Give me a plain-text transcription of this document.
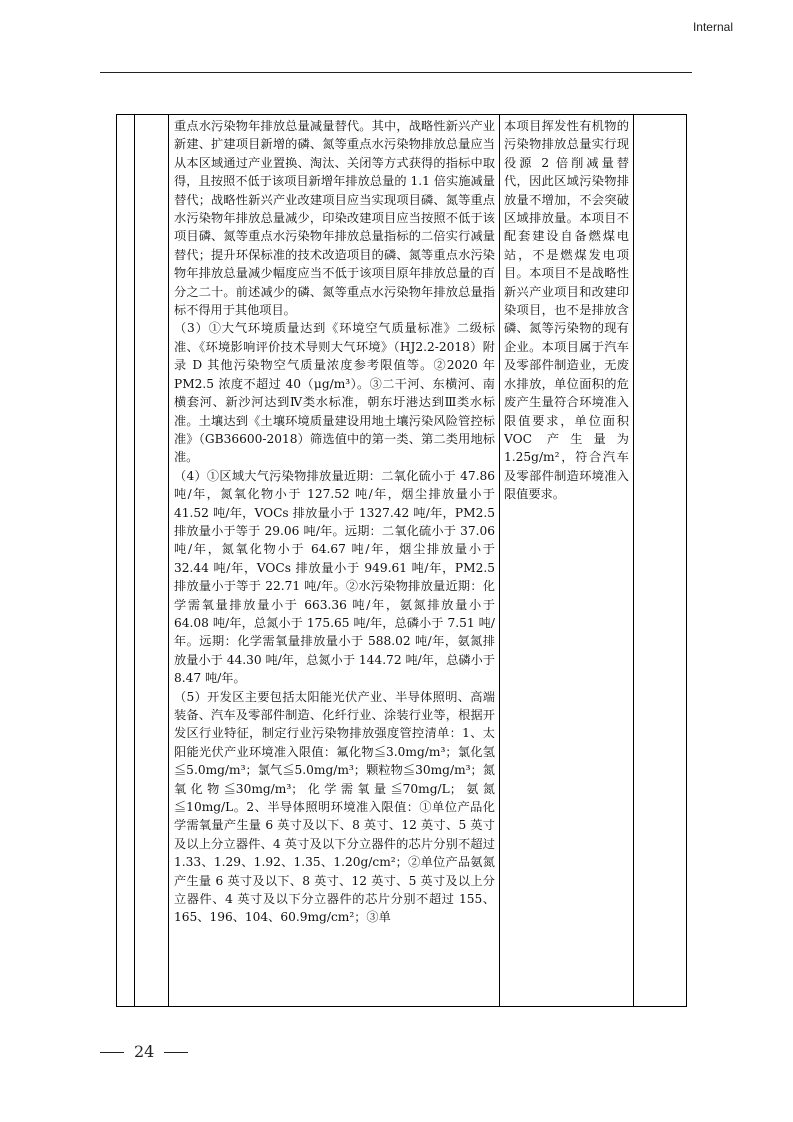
Internal

重点水污染物年排放总量减量替代。其中，战略性新兴产业新建、扩建项目新增的磷、氮等重点水污染物排放总量应当从本区域通过产业置换、淘汰、关闭等方式获得的指标中取得，且按照不低于该项目新增年排放总量的 1.1 倍实施减量替代；战略性新兴产业改建项目应当实现项目磷、氮等重点水污染物年排放总量减少，印染改建项目应当按照不低于该项目磷、氮等重点水污染物年排放总量指标的二倍实行减量替代；提升环保标准的技术改造项目的磷、氮等重点水污染物年排放总量减少幅度应当不低于该项目原年排放总量的百分之二十。前述减少的磷、氮等重点水污染物年排放总量指标不得用于其他项目。

（3）①大气环境质量达到《环境空气质量标准》二级标准、《环境影响评价技术导则大气环境》（HJ2.2-2018）附录 D 其他污染物空气质量浓度参考限值等。②2020 年 PM2.5 浓度不超过 40（μg/m³）。③二干河、东横河、南横套河、新沙河达到Ⅳ类水标准，朝东圩港达到Ⅲ类水标准。土壤达到《土壤环境质量建设用地土壤污染风险管控标准》（GB36600-2018）筛选值中的第一类、第二类用地标准。

（4）①区域大气污染物排放量近期：二氧化硫小于 47.86 吨/年，氮氧化物小于 127.52 吨/年，烟尘排放量小于 41.52 吨/年，VOCs 排放量小于 1327.42 吨/年，PM2.5 排放量小于等于 29.06 吨/年。远期：二氧化硫小于 37.06 吨/年，氮氧化物小于 64.67 吨/年，烟尘排放量小于 32.44 吨/年，VOCs 排放量小于 949.61 吨/年，PM2.5 排放量小于等于 22.71 吨/年。②水污染物排放量近期：化学需氧量排放量小于 663.36 吨/年，氨氮排放量小于 64.08 吨/年，总氮小于 175.65 吨/年，总磷小于 7.51 吨/年。远期：化学需氧量排放量小于 588.02 吨/年，氨氮排放量小于 44.30 吨/年，总氮小于 144.72 吨/年，总磷小于 8.47 吨/年。

（5）开发区主要包括太阳能光伏产业、半导体照明、高端装备、汽车及零部件制造、化纤行业、涂装行业等，根据开发区行业特征，制定行业污染物排放强度管控清单：1、太阳能光伏产业环境准入限值：氟化物≦3.0mg/m³；氯化氢≦5.0mg/m³；氯气≦5.0mg/m³；颗粒物≦30mg/m³；氮氧化物≦30mg/m³；化学需氧量≦70mg/L；氨氮≦10mg/L。2、半导体照明环境准入限值：①单位产品化学需氧量产生量 6 英寸及以下、8 英寸、12 英寸、5 英寸及以上分立器件、4 英寸及以下分立器件的芯片分别不超过 1.33、1.29、1.92、1.35、1.20g/cm²；②单位产品氨氮产生量 6 英寸及以下、8 英寸、12 英寸、5 英寸及以上分立器件、4 英寸及以下分立器件的芯片分别不超过 155、165、196、104、60.9mg/cm²；③单

本项目挥发性有机物的污染物排放总量实行现役源 2 倍削减量替代，因此区域污染物排放量不增加，不会突破区域排放量。本项目不配套建设自备燃煤电站，不是燃煤发电项目。本项目不是战略性新兴产业项目和改建印染项目，也不是排放含磷、氮等污染物的现有企业。本项目属于汽车及零部件制造业，无废水排放，单位面积的危废产生量符合环境准入限值要求，单位面积 VOC 产生量为 1.25g/m²，符合汽车及零部件制造环境准入限值要求。

24
